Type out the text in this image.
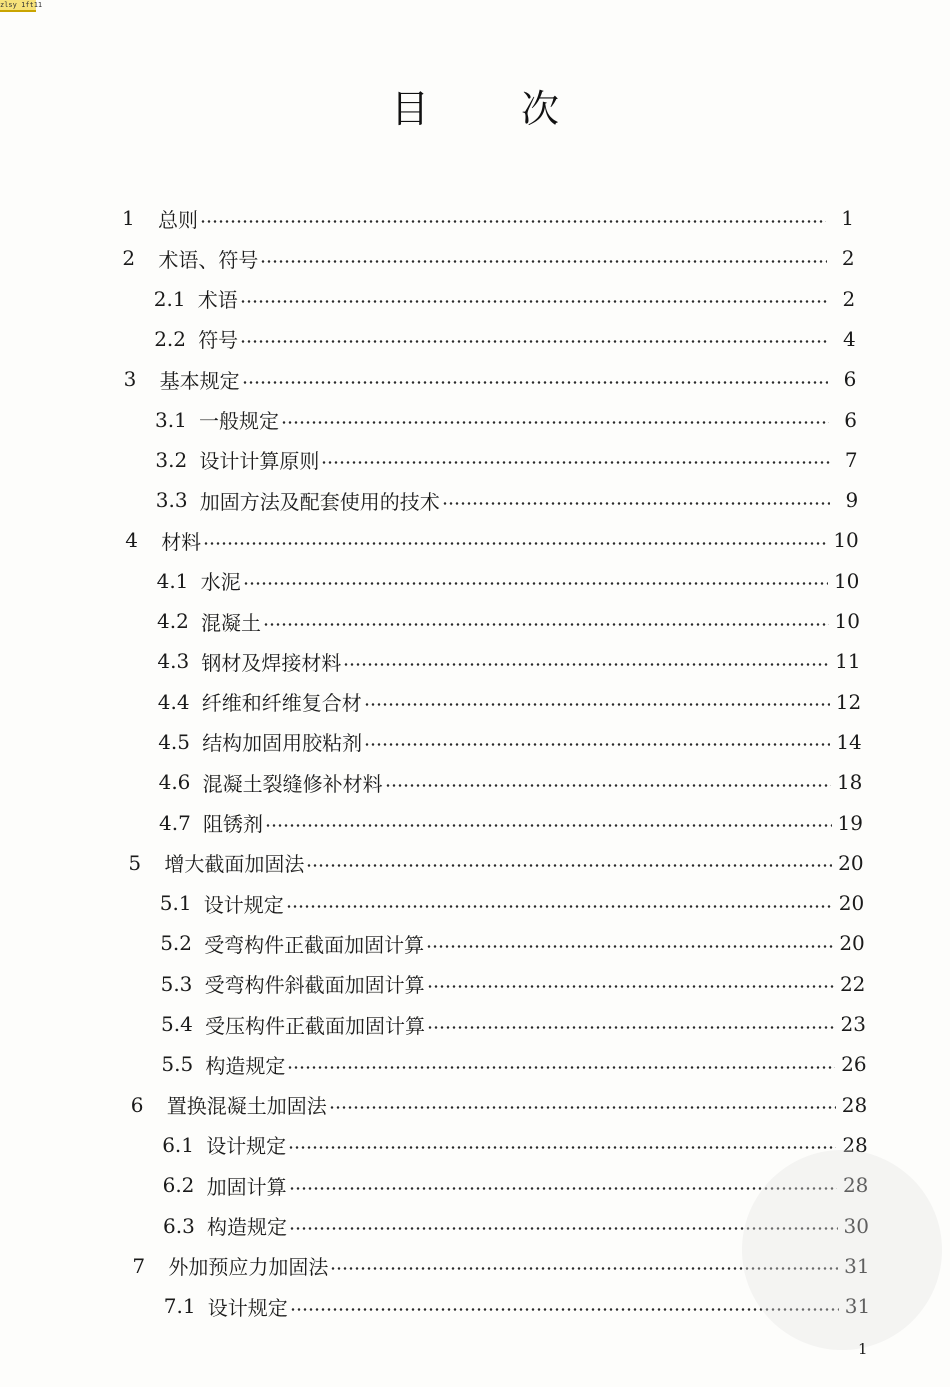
zlsy 1ft11
目 次
1	总则	1
2	术语、符号	2
2.1 术语	2
2.2 符号	4
3	基本规定	6
3.1 一般规定	6
3.2 设计计算原则	7
3.3 加固方法及配套使用的技术	9
4	材料	10
4.1 水泥	10
4.2 混凝土	10
4.3 钢材及焊接材料	11
4.4 纤维和纤维复合材	12
4.5 结构加固用胶粘剂	14
4.6 混凝土裂缝修补材料	18
4.7 阻锈剂	19
5	增大截面加固法	20
5.1 设计规定	20
5.2 受弯构件正截面加固计算	20
5.3 受弯构件斜截面加固计算	22
5.4 受压构件正截面加固计算	23
5.5 构造规定	26
6	置换混凝土加固法	28
6.1 设计规定	28
6.2 加固计算	28
6.3 构造规定	30
7	外加预应力加固法	31
7.1 设计规定	31
1
